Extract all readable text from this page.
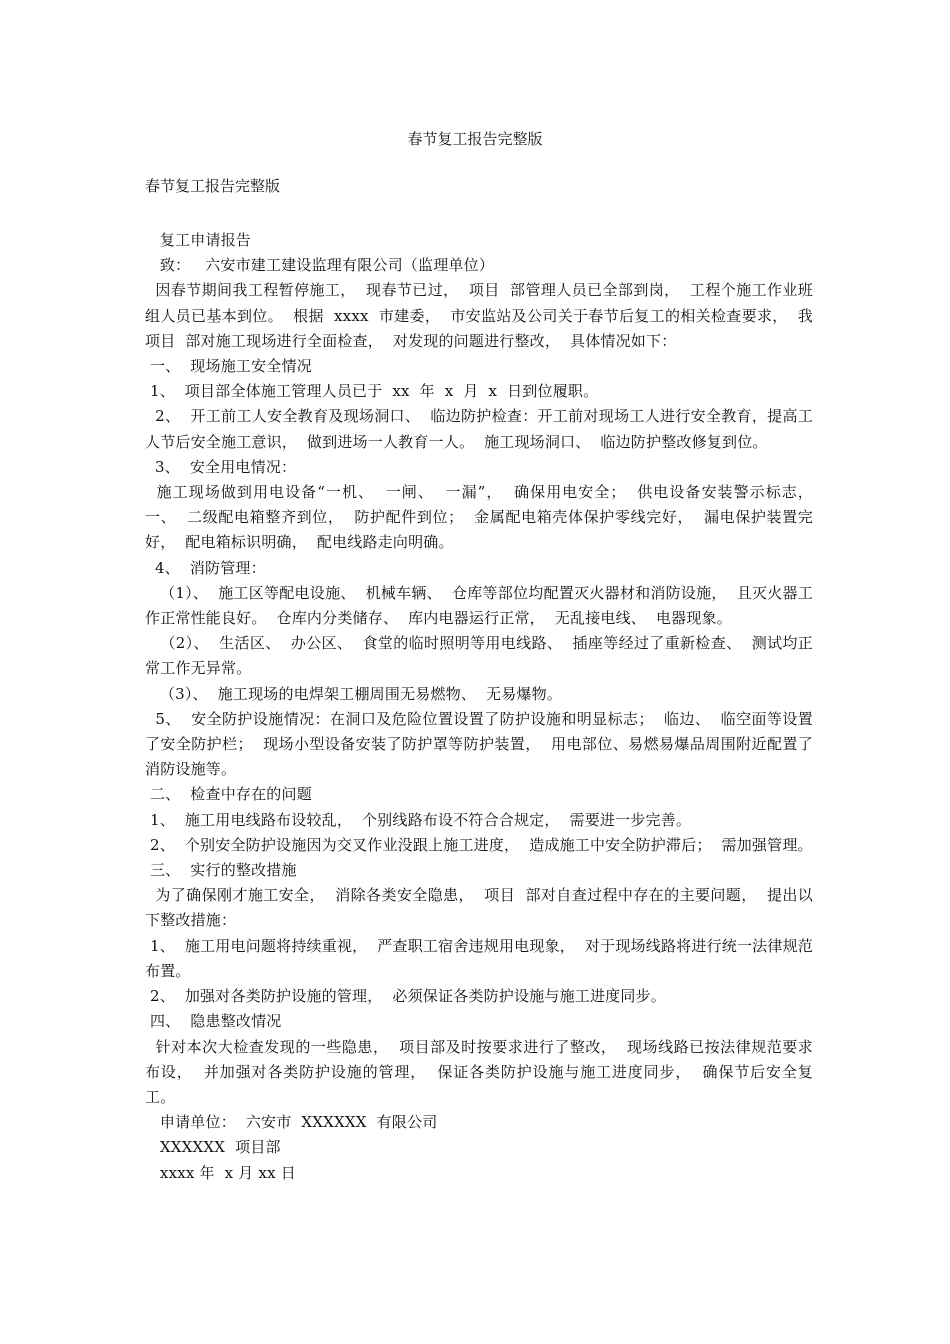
春节复工报告完整版
春节复工报告完整版

复工申请报告

致：   六安市建工建设监理有限公司（监理单位）

因春节期间我工程暂停施工，  现春节已过，  项目  部管理人员已全部到岗，  工程个施工作业班组人员已基本到位。  根据  xxxx  市建委，  市安监站及公司关于春节后复工的相关检查要求，  我项目  部对施工现场进行全面检查，  对发现的问题进行整改，  具体情况如下：

一、  现场施工安全情况

1、  项目部全体施工管理人员已于  xx  年  x  月  x  日到位履职。

2、  开工前工人安全教育及现场洞口、  临边防护检查：开工前对现场工人进行安全教育，提高工人节后安全施工意识，  做到进场一人教育一人。  施工现场洞口、  临边防护整改修复到位。

3、  安全用电情况：

施工现场做到用电设备“一机、  一闸、  一漏”，  确保用电安全；  供电设备安装警示标志，  一、  二级配电箱整齐到位，  防护配件到位；  金属配电箱壳体保护零线完好，  漏电保护装置完好，  配电箱标识明确，  配电线路走向明确。

4、  消防管理：

（1）、  施工区等配电设施、  机械车辆、  仓库等部位均配置灭火器材和消防设施，  且灭火器工作正常性能良好。  仓库内分类储存、  库内电器运行正常，  无乱接电线、  电器现象。

（2）、  生活区、  办公区、  食堂的临时照明等用电线路、  插座等经过了重新检查、  测试均正常工作无异常。

（3）、  施工现场的电焊架工棚周围无易燃物、  无易爆物。

5、  安全防护设施情况：在洞口及危险位置设置了防护设施和明显标志；  临边、  临空面等设置了安全防护栏；  现场小型设备安装了防护罩等防护装置，  用电部位、易燃易爆品周围附近配置了消防设施等。

二、  检查中存在的问题

1、  施工用电线路布设较乱，  个别线路布设不符合合规定，  需要进一步完善。

2、  个别安全防护设施因为交叉作业没跟上施工进度，  造成施工中安全防护滞后；  需加强管理。

三、  实行的整改措施

为了确保刚才施工安全，  消除各类安全隐患，  项目  部对自查过程中存在的主要问题，  提出以下整改措施：

1、  施工用电问题将持续重视，  严查职工宿舍违规用电现象，  对于现场线路将进行统一法律规范布置。

2、  加强对各类防护设施的管理，  必须保证各类防护设施与施工进度同步。

四、  隐患整改情况

针对本次大检查发现的一些隐患，  项目部及时按要求进行了整改，  现场线路已按法律规范要求布设，  并加强对各类防护设施的管理，  保证各类防护设施与施工进度同步，  确保节后安全复工。

申请单位：  六安市  XXXXXX  有限公司

XXXXXX  项目部

xxxx 年  x 月 xx 日
